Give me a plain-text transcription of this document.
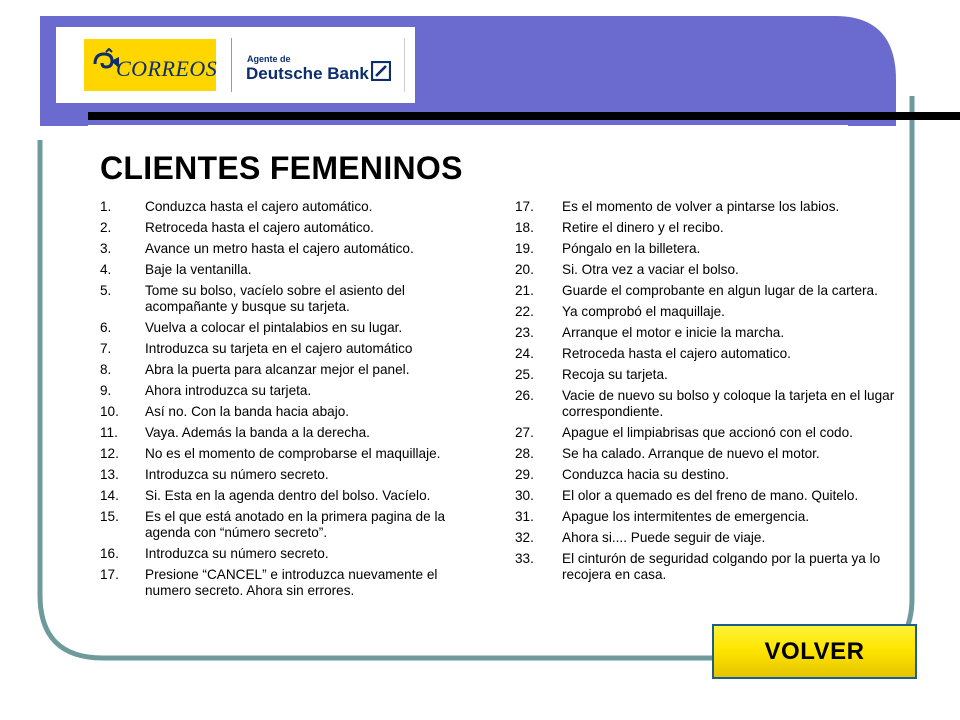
CORREOS	Agente de
Deutsche Bank
CLIENTES FEMENINOS
1. Conduzca hasta el cajero automático.
2. Retroceda hasta el cajero automático.
3. Avance un metro hasta el cajero automático.
4. Baje la ventanilla.
5. Tome su bolso, vacíelo sobre el asiento del acompañante y busque su tarjeta.
6. Vuelva a colocar el pintalabios en su lugar.
7. Introduzca su tarjeta en el cajero automático
8. Abra la puerta para alcanzar mejor el panel.
9. Ahora introduzca su tarjeta.
10. Así no. Con la banda hacia abajo.
11. Vaya. Además la banda a la derecha.
12. No es el momento de comprobarse el maquillaje.
13. Introduzca su número secreto.
14. Si. Esta en la agenda dentro del bolso. Vacíelo.
15. Es el que está anotado en la primera pagina de la agenda con “número secreto”.
16. Introduzca su número secreto.
17. Presione “CANCEL” e introduzca nuevamente el numero secreto. Ahora sin errores.
17. Es el momento de volver a pintarse los labios.
18. Retire el dinero y el recibo.
19. Póngalo en la billetera.
20. Si. Otra vez a vaciar el bolso.
21. Guarde el comprobante en algun lugar de la cartera.
22. Ya comprobó el maquillaje.
23. Arranque el motor e inicie la marcha.
24. Retroceda hasta el cajero automatico.
25. Recoja su tarjeta.
26. Vacie de nuevo su bolso y coloque la tarjeta en el lugar correspondiente.
27. Apague el limpiabrisas que accionó con el codo.
28. Se ha calado. Arranque de nuevo el motor.
29. Conduzca hacia su destino.
30. El olor a quemado es del freno de mano. Quitelo.
31. Apague los intermitentes de emergencia.
32. Ahora si.... Puede seguir de viaje.
33. El cinturón de seguridad colgando por la puerta ya lo recojera en casa.
VOLVER
